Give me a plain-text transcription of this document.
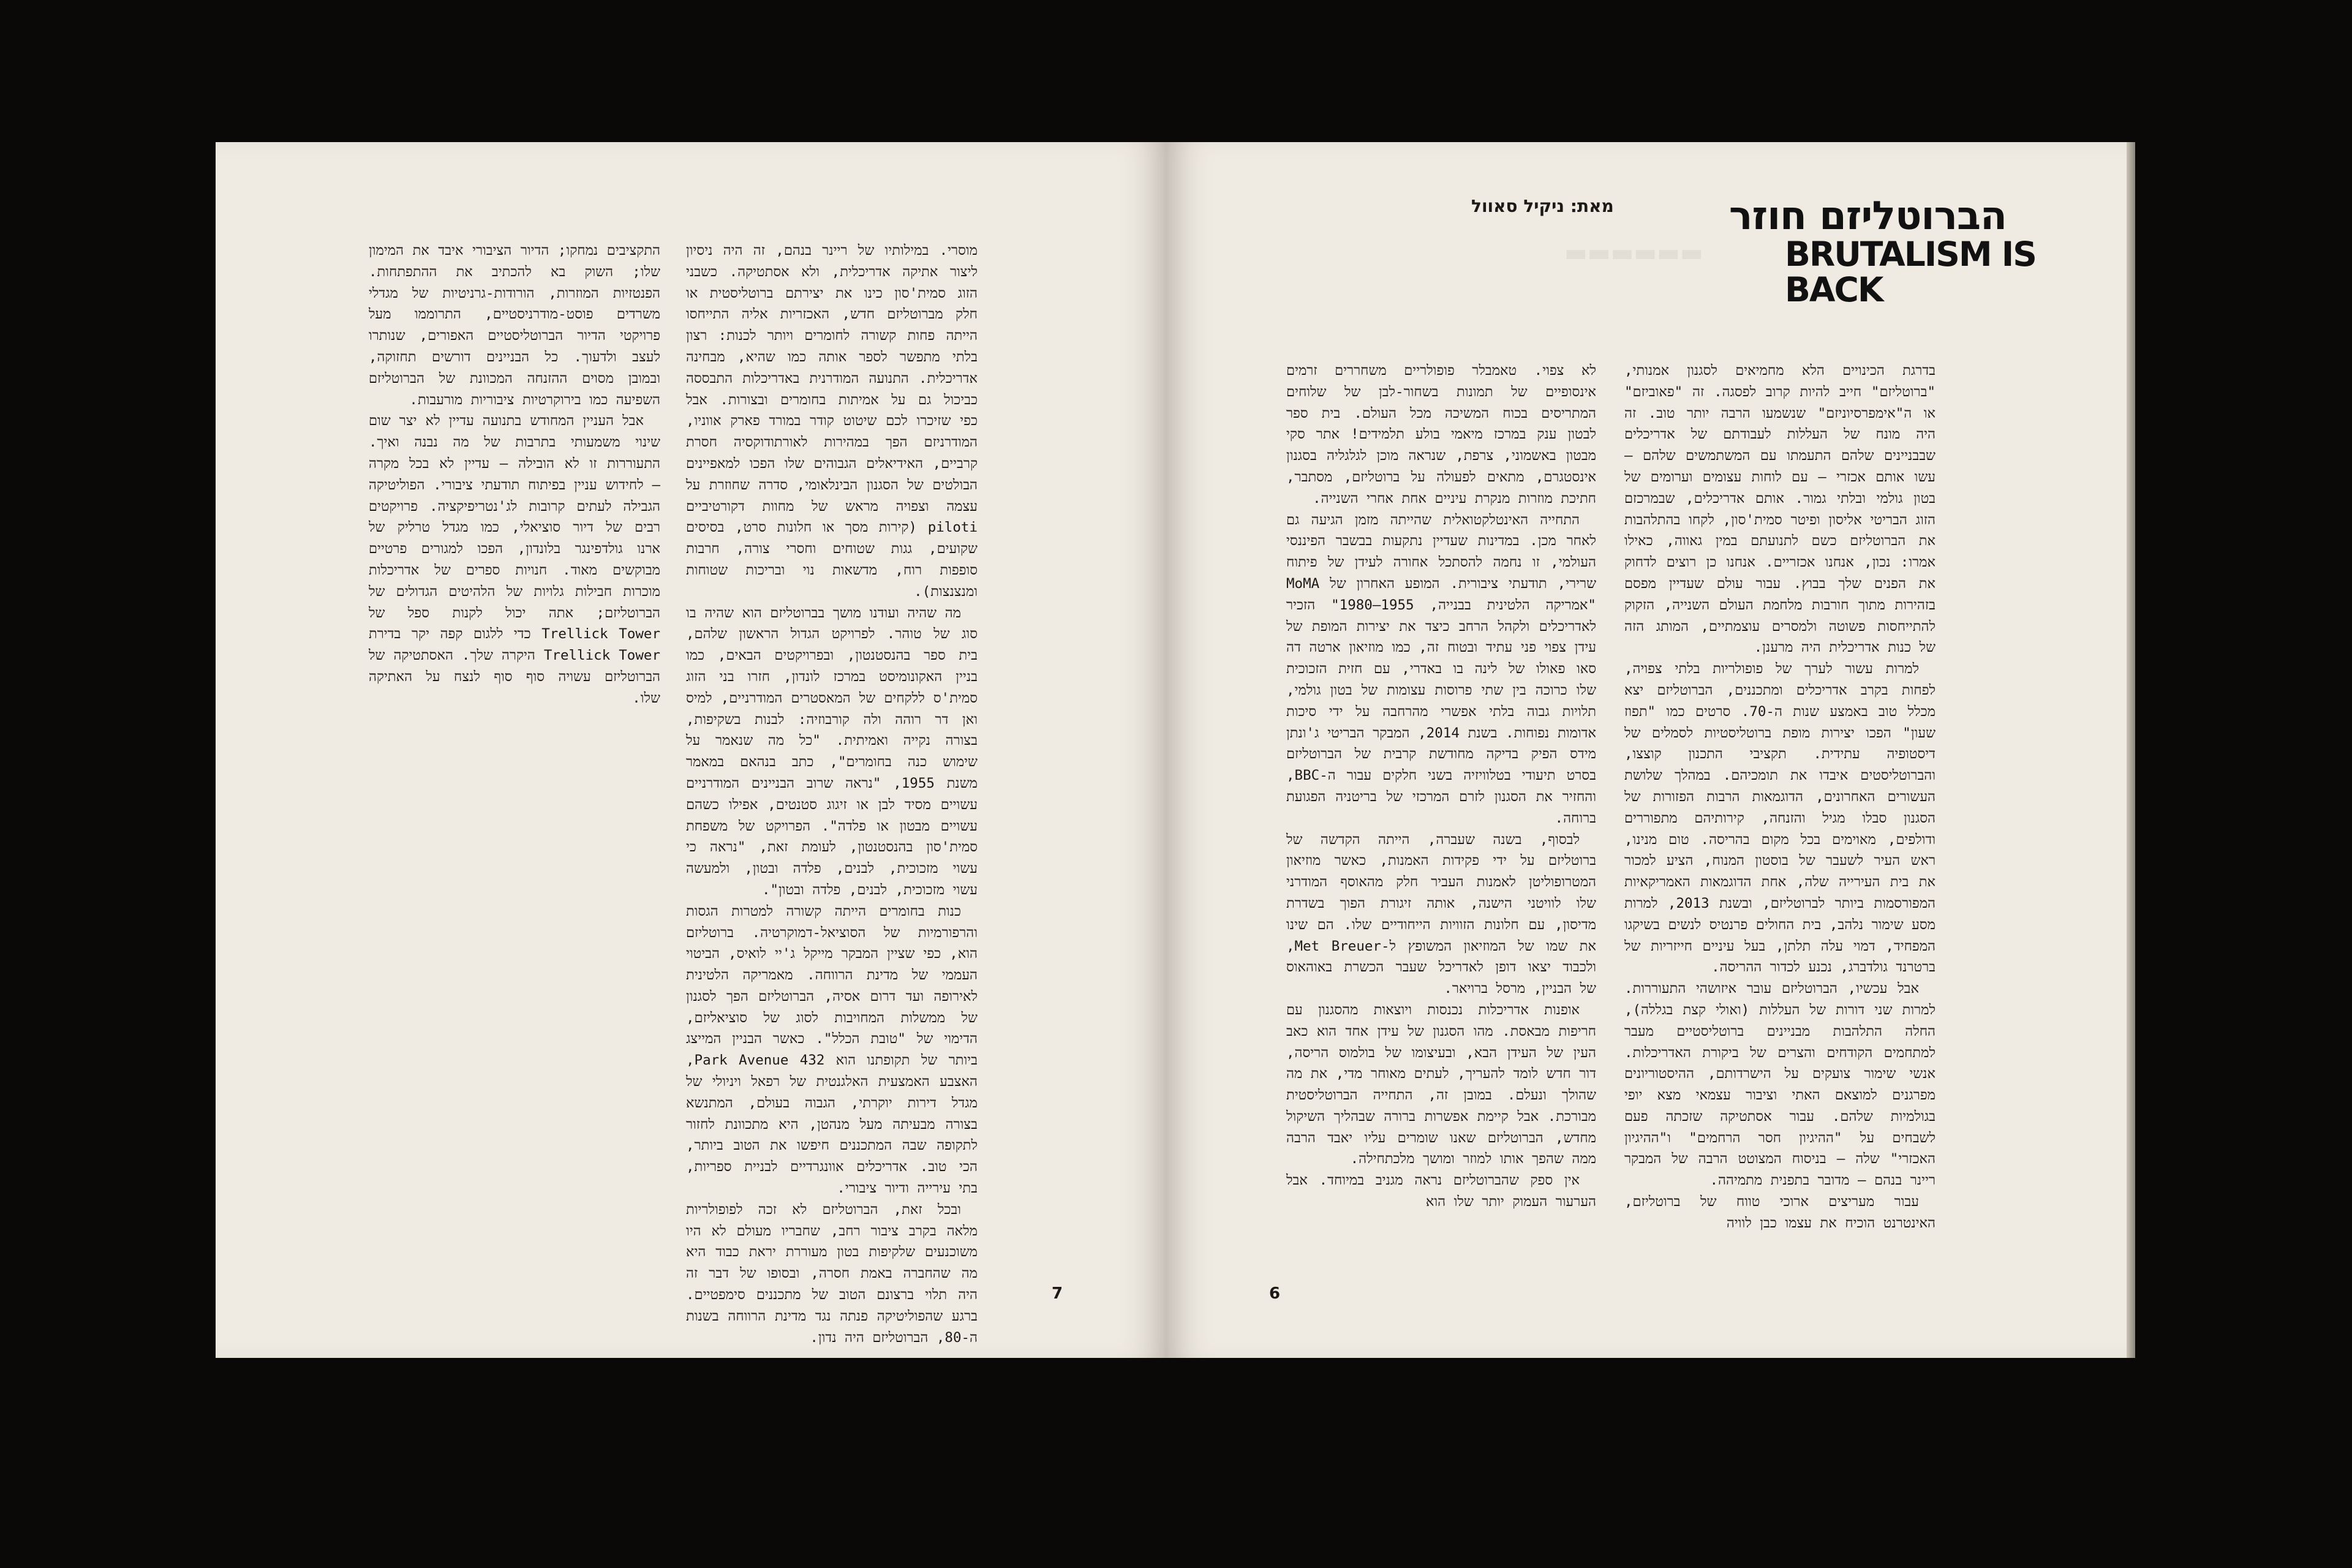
מוסרי. במילותיו של ריינר בנהם, זה היה ניסיון ליצור אתיקה אדריכלית, ולא אסתטיקה. כשבני הזוג סמית'סון כינו את יצירתם ברוטליסטית או חלק מברוטליזם חדש, האכזריות אליה התייחסו הייתה פחות קשורה לחומרים ויותר לכנות: רצון בלתי מתפשר לספר אותה כמו שהיא, מבחינה אדריכלית. התנועה המודרנית באדריכלות התבססה כביכול גם על אמיתות בחומרים ובצורות. אבל כפי שזיכרו לכם שיטוט קודר במורד פארק אווניו, המודרניזם הפך במהירות לאורתודוקסיה חסרת קרביים, האידיאלים הגבוהים שלו הפכו למאפיינים הבולטים של הסגנון הבינלאומי, סדרה שחוזרת על עצמה וצפויה מראש של מחוות דקורטיביים piloti (קירות מסך או חלונות סרט, בסיסים שקועים, גגות שטוחים וחסרי צורה, חרבות סופפות רוח, מדשאות נוי ובריכות שטוחות ומנצנצות).

מה שהיה ועודנו מושך בברוטליזם הוא שהיה בו סוג של טוהר. לפרויקט הגדול הראשון שלהם, בית ספר בהנסטנטון, ובפרויקטים הבאים, כמו בניין האקונומיסט במרכז לונדון, חזרו בני הזוג סמית'ס ללקחים של המאסטרים המודרניים, למיס ואן דר רוהה ולה קורבוזיה: לבנות בשקיפות, בצורה נקייה ואמיתית. "כל מה שנאמר על שימוש כנה בחומרים", כתב בנהאם במאמר משנת 1955, "נראה שרוב הבניינים המודרניים עשויים מסיד לבן או זיגוג סטנטים, אפילו כשהם עשויים מבטון או פלדה". הפרויקט של משפחת סמית'סון בהנסטנטון, לעומת זאת, "נראה כי עשוי מזכוכית, לבנים, פלדה ובטון, ולמעשה עשוי מזכוכית, לבנים, פלדה ובטון".

כנות בחומרים הייתה קשורה למטרות הגסות והרפורמיות של הסוציאל-דמוקרטיה. ברוטליזם הוא, כפי שציין המבקר מייקל ג'יי לואיס, הביטוי העממי של מדינת הרווחה. מאמריקה הלטינית לאירופה ועד דרום אסיה, הברוטליזם הפך לסגנון של ממשלות המחויבות לסוג של סוציאליזם, הדימוי של "טובת הכלל". כאשר הבניין המייצג ביותר של תקופתנו הוא Park Avenue 432, האצבע האמצעית האלגנטית של רפאל ויניולי של מגדל דירות יוקרתי, הגבוה בעולם, המתנשא בצורה מבעיתה מעל מנהטן, היא מתכוונת לחזור לתקופה שבה המתכננים חיפשו את הטוב ביותר, הכי טוב. אדריכלים אוונגרדיים לבניית ספריות, בתי עירייה ודיור ציבורי.

ובכל זאת, הברוטליזם לא זכה לפופולריות מלאה בקרב ציבור רחב, שחבריו מעולם לא היו משוכנעים שלקיפות בטון מעוררת יראת כבוד היא מה שהחברה באמת חסרה, ובסופו של דבר זה היה תלוי ברצונם הטוב של מתכננים סימפטיים. ברגע שהפוליטיקה פנתה נגד מדינת הרווחה בשנות ה-80, הברוטליזם היה נדון.

התקציבים נמחקו; הדיור הציבורי איבד את המימון שלו; השוק בא להכתיב את ההתפתחות. הפנטזיות המוזרות, הורודות-גרניטיות של מגדלי משרדים פוסט-מודרניסטיים, התרוממו מעל פרויקטי הדיור הברוטליסטיים האפורים, שנותרו לעצב ולדעוך. כל הבניינים דורשים תחזוקה, ובמובן מסוים ההזנחה המכוונת של הברוטליזם השפיעה כמו בירוקרטיות ציבוריות מורעבות.

אבל העניין המחודש בתנועה עדיין לא יצר שום שינוי משמעותי בתרבות של מה נבנה ואיך. התעוררות זו לא הובילה – עדיין לא בכל מקרה – לחידוש עניין בפיתוח תודעתי ציבורי. הפוליטיקה הגבילה לעתים קרובות לג'נטריפיקציה. פרויקטים רבים של דיור סוציאלי, כמו מגדל טרליק של ארנו גולדפינגר בלונדון, הפכו למגורים פרטיים מבוקשים מאוד. חנויות ספרים של אדריכלות מוכרות חבילות גלויות של הלהיטים הגדולים של הברוטליזם; אתה יכול לקנות ספל של Trellick Tower כדי ללגום קפה יקר בדירת Trellick Tower היקרה שלך. האסתטיקה של הברוטליזם עשויה סוף סוף לנצח על האתיקה שלו.

7
הברוטליזם חוזר
BRUTALISM IS BACK
מאת: ניקיל סאוול
▬▬▬▬▬▬

בדרגת הכינויים הלא מחמיאים לסגנון אמנותי, "ברוטליזם" חייב להיות קרוב לפסגה. זה "פאוביזם" או ה"אימפרסיוניזם" שנשמעו הרבה יותר טוב. זה היה מונח של העללות לעבודתם של אדריכלים שבבניינים שלהם התעמתו עם המשתמשים שלהם – עשו אותם אכזרי – עם לוחות עצומים וערומים של בטון גולמי ובלתי גמור. אותם אדריכלים, שבמרכזם הזוג הבריטי אליסון ופיטר סמית'סון, לקחו בהתלהבות את הברוטליזם כשם לתנועתם במין גאווה, כאילו אמרו: נכון, אנחנו אכזריים. אנחנו כן רוצים לדחוק את הפנים שלך בבוץ. עבור עולם שעדיין מפסם בזהירות מתוך חורבות מלחמת העולם השנייה, הזקוק להתייחסות פשוטה ולמסרים עוצמתיים, המותג הזה של כנות אדריכלית היה מרענן.

למרות עשור לערך של פופולריות בלתי צפויה, לפחות בקרב אדריכלים ומתכננים, הברוטליזם יצא מכלל טוב באמצע שנות ה-70. סרטים כמו "תפוז שעון" הפכו יצירות מופת ברוטליסטיות לסמלים של דיסטופיה עתידית. תקציבי התכנון קוצצו, והברוטליסטים איבדו את תומכיהם. במהלך שלושת העשורים האחרונים, הדוגמאות הרבות הפזורות של הסגנון סבלו מגיל והזנחה, קירותיהם מתפוררים ודולפים, מאוימים בכל מקום בהריסה. טום מנינו, ראש העיר לשעבר של בוסטון המנוח, הציע למכור את בית העירייה שלה, אחת הדוגמאות האמריקאיות המפורסמות ביותר לברוטליזם, ובשנת 2013, למרות מסע שימור נלהב, בית החולים פרנטיס לנשים בשיקגו המפחיד, דמוי עלה תלתן, בעל עיניים חייזריות של ברטרנד גולדברג, נכנע לכדור ההריסה.

אבל עכשיו, הברוטליזם עובר איזושהי התעוררות. למרות שני דורות של העללות (ואולי קצת בגללה), החלה התלהבות מבניינים ברוטליסטיים מעבר למתחמים הקודחים והצרים של ביקורת האדריכלות. אנשי שימור צועקים על הישרדותם, ההיסטוריונים מפרגנים למוצאם האתי וציבור עצמאי מצא יופי בגולמיות שלהם. עבור אסתטיקה שזכתה פעם לשבחים על "ההיגיון חסר הרחמים" ו"ההיגיון האכזרי" שלה – בניסוח המצוטט הרבה של המבקר ריינר בנהם – מדובר בתפנית מתמיהה.

עבור מעריצים ארוכי טווח של ברוטליזם, האינטרנט הוכיח את עצמו כבן לוויה

לא צפוי. טאמבלר פופולריים משחררים זרמים אינסופיים של תמונות בשחור-לבן של שלוחים המתריסים בכוח המשיכה מכל העולם. בית ספר לבטון ענק במרכז מיאמי בולע תלמידים! אתר סקי מבטון באשמוני, צרפת, שנראה מוכן לגלגליה בסגנון אינסטגרם, מתאים לפעולה על ברוטליזם, מסתבר, חתיכת מוזרות מנקרת עיניים אחת אחרי השנייה.

התחייה האינטלקטואלית שהייתה מזמן הגיעה גם לאחר מכן. במדינות שעדיין נתקעות בבשבר הפיננסי העולמי, זו נחמה להסתכל אחורה לעידן של פיתוח שרירי, תודעתי ציבורית. המופע האחרון של MoMA "אמריקה הלטינית בבנייה, 1955–1980" הזכיר לאדריכלים ולקהל הרחב כיצד את יצירות המופת של עידן צפוי פני עתיד ובטוח זה, כמו מוזיאון ארטה דה סאו פאולו של לינה בו באדרי, עם חזית הזכוכית שלו כרוכה בין שתי פרוסות עצומות של בטון גולמי, תלויות גבוה בלתי אפשרי מהרחבה על ידי סיכות אדומות נפוחות. בשנת 2014, המבקר הבריטי ג'ונתן מידס הפיק בדיקה מחודשת קרבית של הברוטליזם בסרט תיעודי בטלוויזיה בשני חלקים עבור ה-BBC, והחזיר את הסגנון לזרם המרכזי של בריטניה הפגועת ברוחה.

לבסוף, בשנה שעברה, הייתה הקדשה של ברוטליזם על ידי פקידות האמנות, כאשר מוזיאון המטרופוליטן לאמנות העביר חלק מהאוסף המודרני שלו לוויטני הישנה, אותה זיגורת הפוך בשדרת מדיסון, עם חלונות הזוויות הייחודיים שלו. הם שינו את שמו של המוזיאון המשופץ ל-Met Breuer, ולכבוד יצאו דופן לאדריכל שעבר הכשרת באוהאוס של הבניין, מרסל ברויאר.

אופנות אדריכלות נכנסות ויוצאות מהסגנון עם חריפות מבאסת. מהו הסגנון של עידן אחד הוא כאב העין של העידן הבא, ובעיצומו של בולמוס הריסה, דור חדש לומד להעריך, לעתים מאוחר מדי, את מה שהולך ונעלם. במובן זה, התחייה הברוטליסטית מבורכת. אבל קיימת אפשרות ברורה שבהליך השיקול מחדש, הברוטליזם שאנו שומרים עליו יאבד הרבה ממה שהפך אותו למוזר ומושך מלכתחילה.

אין ספק שהברוטליזם נראה מגניב במיוחד. אבל הערעור העמוק יותר שלו הוא

6
